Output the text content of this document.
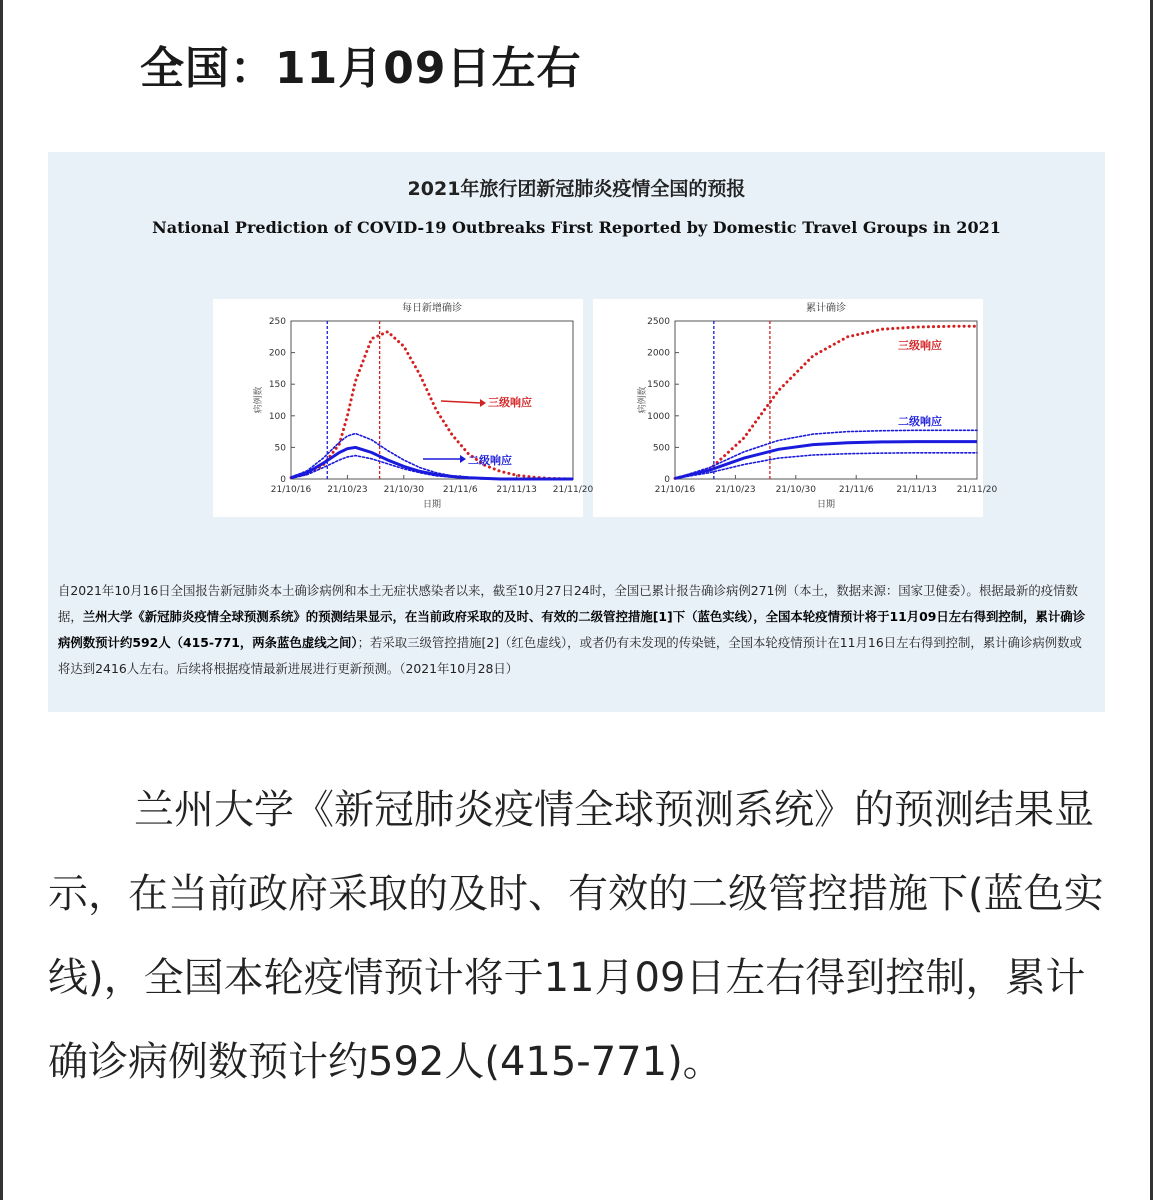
全国：11月09日左右
2021年旅行团新冠肺炎疫情全国的预报
National Prediction of COVID-19 Outbreaks First Reported by Domestic Travel Groups in 2021
每日新增确诊
0
50
100
150
200
250
21/10/16 21/10/23 21/10/30 21/11/6 21/11/13 21/11/20
日期
病例数	三级响应
二级响应
累计确诊
0
500
1000
1500
2000
2500
21/10/16 21/10/23 21/10/30	21/11/6	21/11/13 21/11/20
日期
病例数
三级响应
二级响应
自2021年10月16日全国报告新冠肺炎本土确诊病例和本土无症状感染者以来，截至10月27日24时，全国已累计报告确诊病例271例（本土，数据来源：国家卫健委）。根据最新的疫情数据，兰州大学《新冠肺炎疫情全球预测系统》的预测结果显示，在当前政府采取的及时、有效的二级管控措施[1]下（蓝色实线），全国本轮疫情预计将于11月09日左右得到控制，累计确诊病例数预计约592人（415-771，两条蓝色虚线之间）；若采取三级管控措施[2]（红色虚线），或者仍有未发现的传染链，全国本轮疫情预计在11月16日左右得到控制，累计确诊病例数或将达到2416人左右。后续将根据疫情最新进展进行更新预测。（2021年10月28日）
兰州大学《新冠肺炎疫情全球预测系统》的预测结果显示，在当前政府采取的及时、有效的二级管控措施下(蓝色实线)，全国本轮疫情预计将于11月09日左右得到控制，累计确诊病例数预计约592人(415-771)。
